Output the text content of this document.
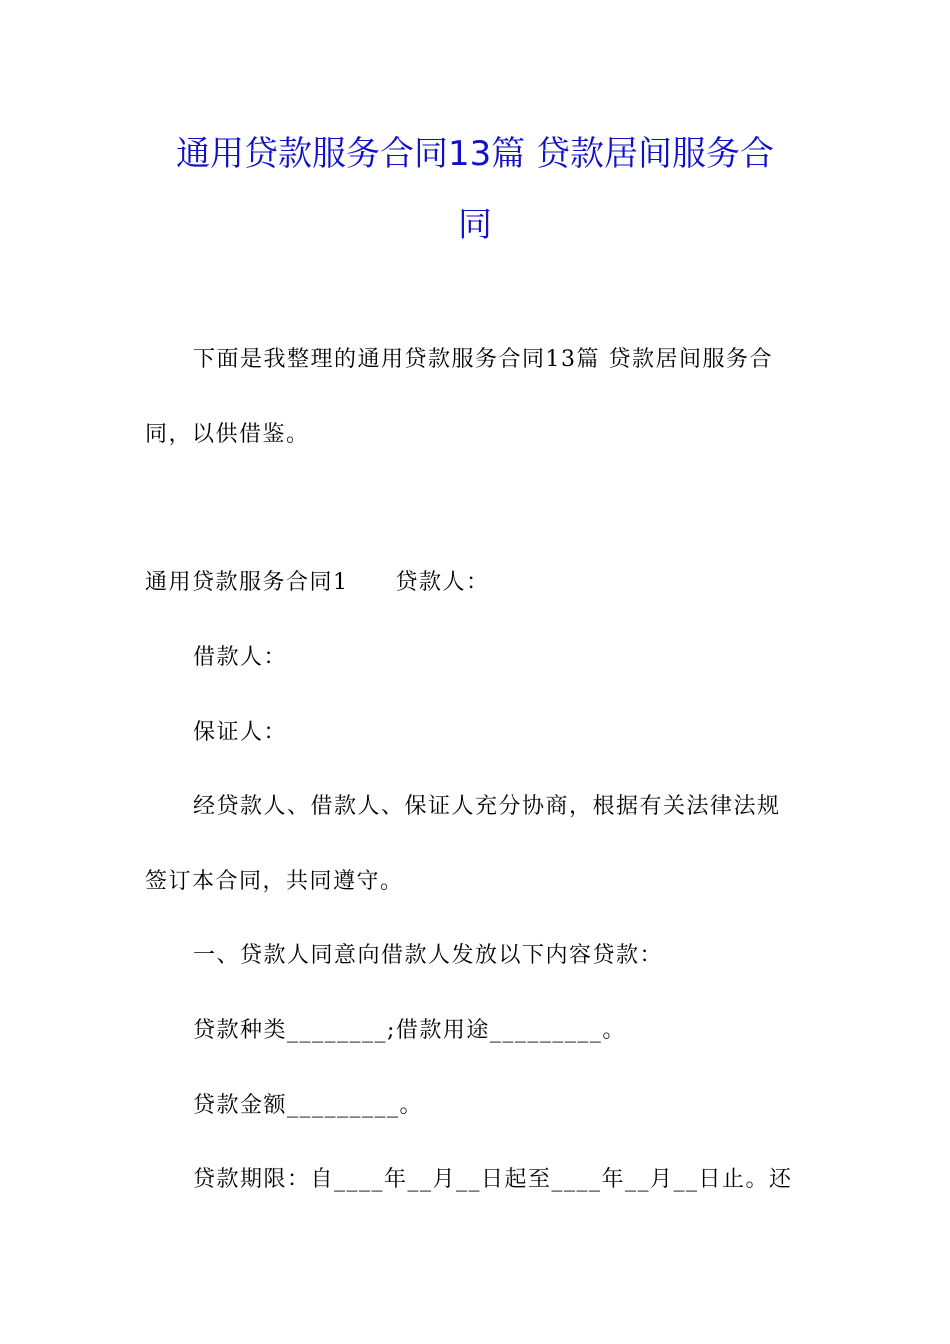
通用贷款服务合同13篇 贷款居间服务合
同
下面是我整理的通用贷款服务合同13篇 贷款居间服务合
同，以供借鉴。
通用贷款服务合同1　　贷款人：
借款人：
保证人：
经贷款人、借款人、保证人充分协商，根据有关法律法规
签订本合同，共同遵守。
一、贷款人同意向借款人发放以下内容贷款：
贷款种类________;借款用途_________。
贷款金额_________。
贷款期限：自____年__月__日起至____年__月__日止。还
